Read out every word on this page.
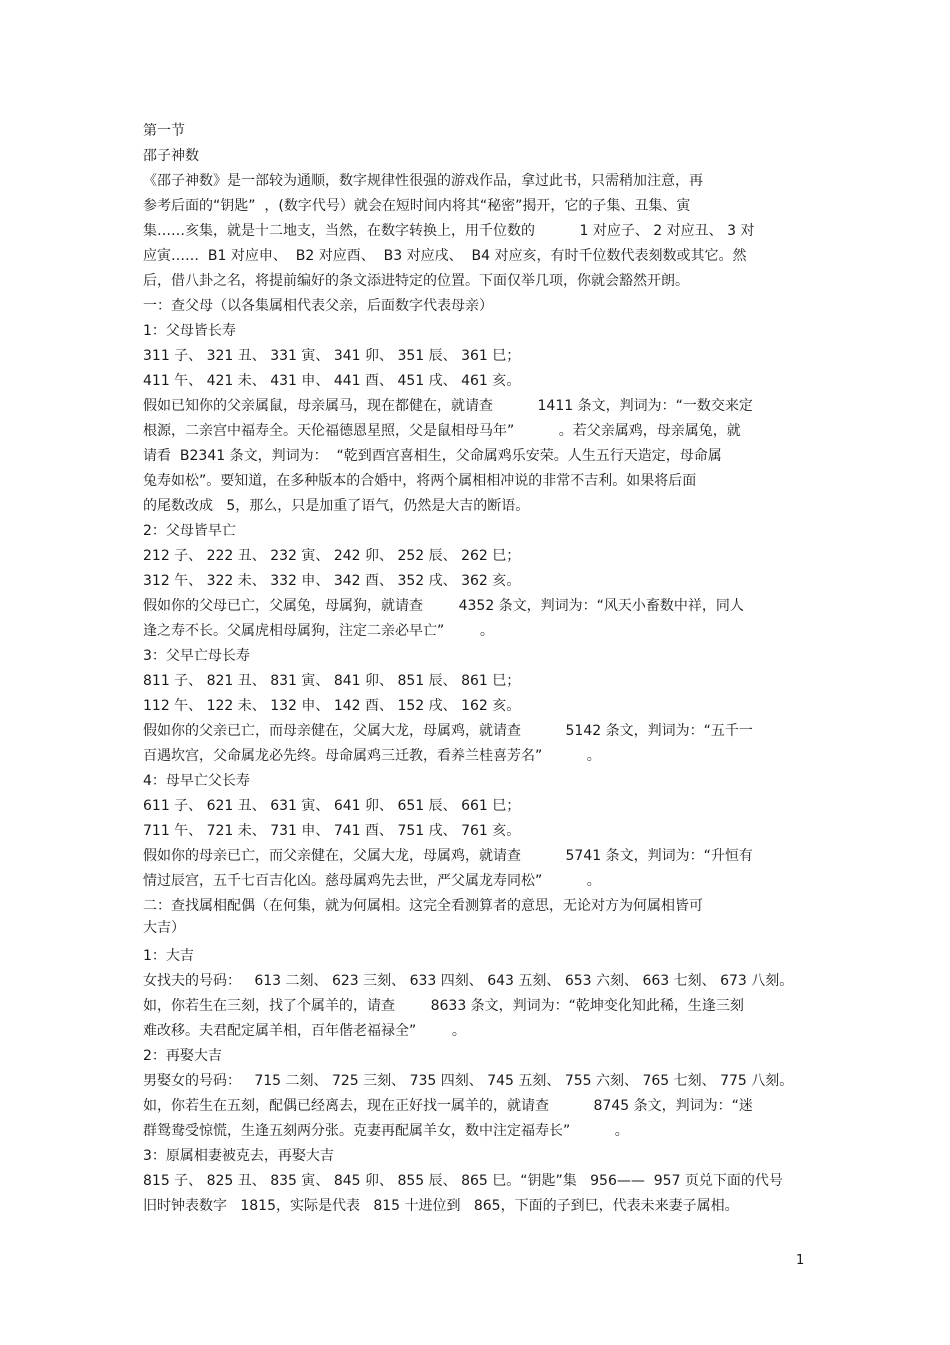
第一节
邵子神数
《邵子神数》是一部较为通顺，数字规律性很强的游戏作品，拿过此书，只需稍加注意，再
参考后面的“钥匙”  ，(数字代号）就会在短时间内将其“秘密”揭开，它的子集、丑集、寅
集……亥集，就是十二地支，当然，在数字转换上，用千位数的          1 对应子、 2 对应丑、 3 对
应寅……  B1 对应申、  B2 对应酉、  B3 对应戌、  B4 对应亥，有时千位数代表刻数或其它。然
后，借八卦之名，将提前编好的条文添进特定的位置。下面仅举几项，你就会豁然开朗。
一：查父母（以各集属相代表父亲，后面数字代表母亲）
1：父母皆长寿
311 子、 321 丑、 331 寅、 341 卯、 351 辰、 361 巳；
411 午、 421 未、 431 申、 441 酉、 451 戌、 461 亥。
假如已知你的父亲属鼠，母亲属马，现在都健在，就请查          1411 条文，判词为：“一数交来定
根源，二亲宫中福寿全。天伦福德恩星照，父是鼠相母马年”          。若父亲属鸡，母亲属兔，就
请看  B2341 条文，判词为：  “乾到酉宫喜相生，父命属鸡乐安荣。人生五行天造定，母命属
兔寿如松”。要知道，在多种版本的合婚中，将两个属相相冲说的非常不吉利。如果将后面
的尾数改成   5，那么，只是加重了语气，仍然是大吉的断语。
2：父母皆早亡
212 子、 222 丑、 232 寅、 242 卯、 252 辰、 262 巳；
312 午、 322 未、 332 申、 342 酉、 352 戌、 362 亥。
假如你的父母已亡，父属兔，母属狗，就请查        4352 条文，判词为：“风天小畜数中祥，同人
逢之寿不长。父属虎相母属狗，注定二亲必早亡”        。
3：父早亡母长寿
811 子、 821 丑、 831 寅、 841 卯、 851 辰、 861 巳；
112 午、 122 未、 132 申、 142 酉、 152 戌、 162 亥。
假如你的父亲已亡，而母亲健在，父属大龙，母属鸡，就请查          5142 条文，判词为：“五千一
百遇坎宫，父命属龙必先终。母命属鸡三迁教，看养兰桂喜芳名”          。
4：母早亡父长寿
611 子、 621 丑、 631 寅、 641 卯、 651 辰、 661 巳；
711 午、 721 未、 731 申、 741 酉、 751 戌、 761 亥。
假如你的母亲已亡，而父亲健在，父属大龙，母属鸡，就请查          5741 条文，判词为：“升恒有
情过辰宫，五千七百吉化凶。慈母属鸡先去世，严父属龙寿同松”          。
二：查找属相配偶（在何集，就为何属相。这完全看测算者的意思，无论对方为何属相皆可
大吉）
1：大吉
女找夫的号码：   613 二刻、 623 三刻、 633 四刻、 643 五刻、 653 六刻、 663 七刻、 673 八刻。
如，你若生在三刻，找了个属羊的，请查        8633 条文，判词为：“乾坤变化知此稀，生逢三刻
难改移。夫君配定属羊相，百年偕老福禄全”        。
2：再娶大吉
男娶女的号码：   715 二刻、 725 三刻、 735 四刻、 745 五刻、 755 六刻、 765 七刻、 775 八刻。
如，你若生在五刻，配偶已经离去，现在正好找一属羊的，就请查          8745 条文，判词为：“迷
群鸳鸯受惊慌，生逢五刻两分张。克妻再配属羊女，数中注定福寿长”          。
3：原属相妻被克去，再娶大吉
815 子、 825 丑、 835 寅、 845 卯、 855 辰、 865 巳。“钥匙”集   956——  957 页兑下面的代号
旧时钟表数字   1815，实际是代表   815 十进位到   865，下面的子到巳，代表未来妻子属相。
1
